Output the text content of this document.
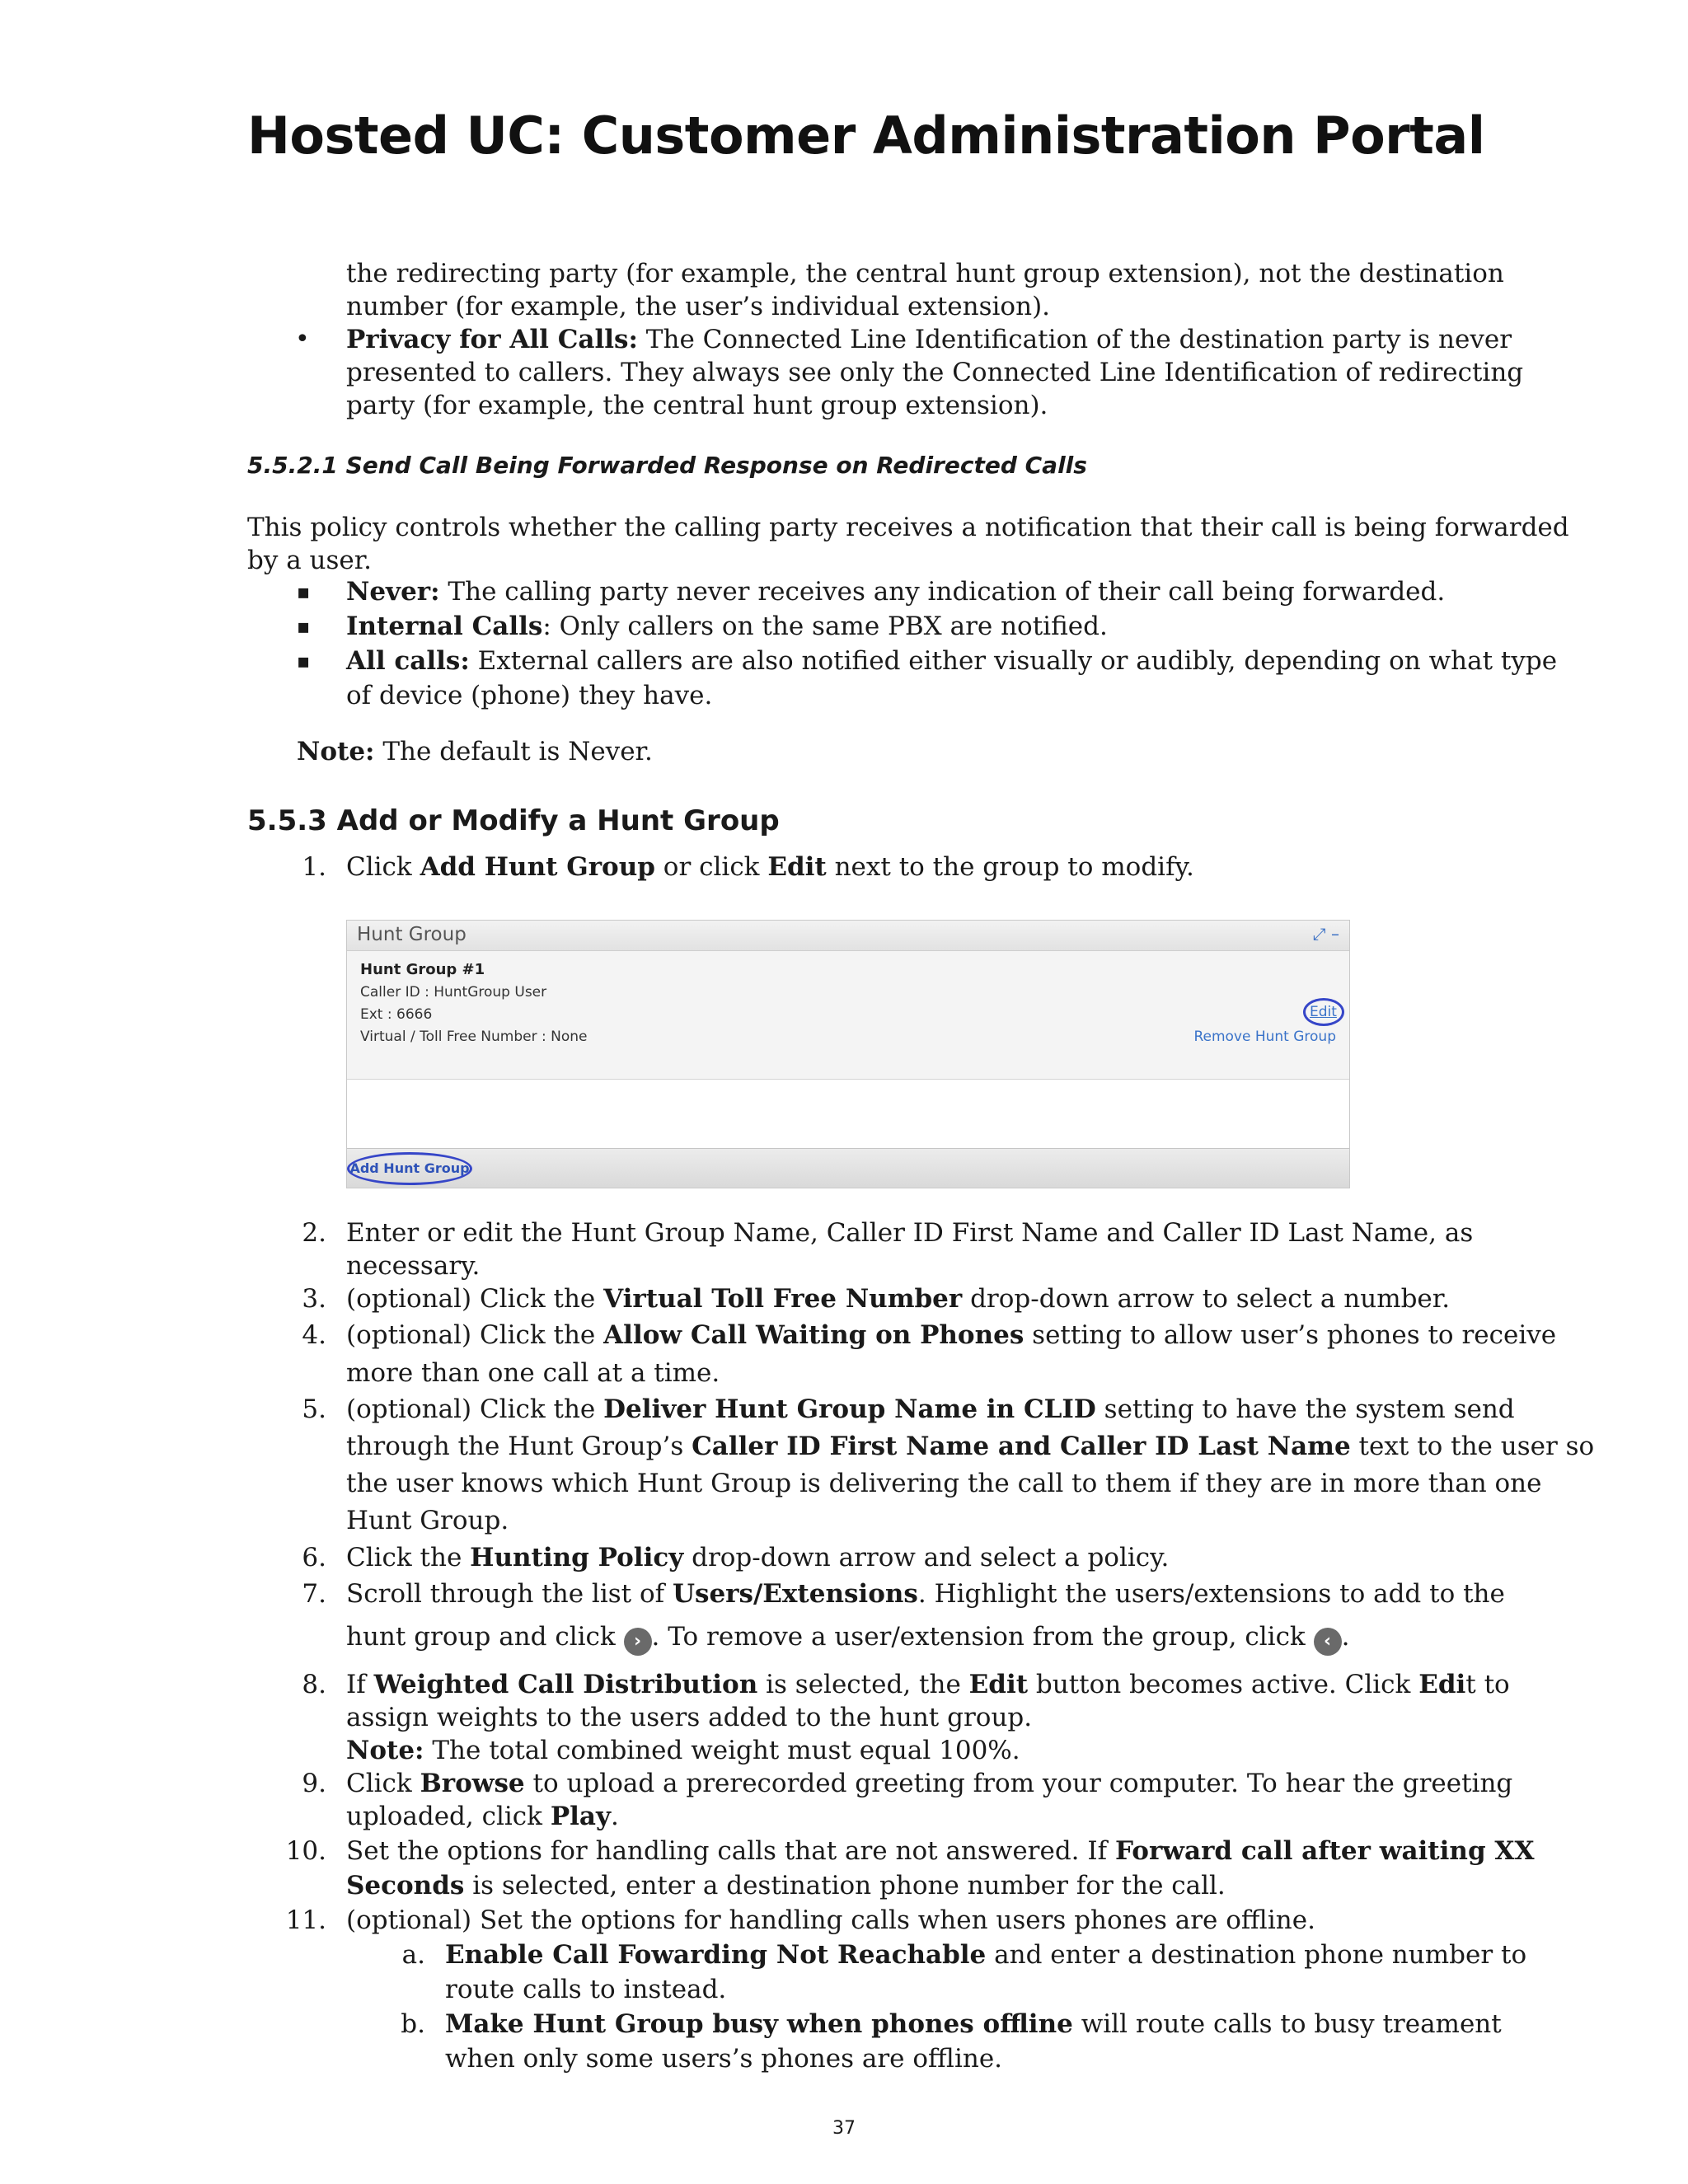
Hosted UC: Customer Administration Portal
the redirecting party (for example, the central hunt group extension), not the destination
number (for example, the user’s individual extension).
• Privacy for All Calls: The Connected Line Identification of the destination party is never
presented to callers. They always see only the Connected Line Identification of redirecting
party (for example, the central hunt group extension).
5.5.2.1 Send Call Being Forwarded Response on Redirected Calls
This policy controls whether the calling party receives a notification that their call is being forwarded
by a user.
▪ Never: The calling party never receives any indication of their call being forwarded.
▪ Internal Calls: Only callers on the same PBX are notified.
▪ All calls: External callers are also notified either visually or audibly, depending on what type
of device (phone) they have.
Note: The default is Never.
5.5.3 Add or Modify a Hunt Group
1. Click Add Hunt Group or click Edit next to the group to modify.
Hunt Group	⤢ –
Hunt Group #1
Caller ID : HuntGroup User
Ext : 6666
Virtual / Toll Free Number : None
Edit
Remove Hunt Group
Add Hunt Group
2. Enter or edit the Hunt Group Name, Caller ID First Name and Caller ID Last Name, as
necessary.
3. (optional) Click the Virtual Toll Free Number drop-down arrow to select a number.
4. (optional) Click the Allow Call Waiting on Phones setting to allow user’s phones to receive
more than one call at a time.
5. (optional) Click the Deliver Hunt Group Name in CLID setting to have the system send
through the Hunt Group’s Caller ID First Name and Caller ID Last Name text to the user so
the user knows which Hunt Group is delivering the call to them if they are in more than one
Hunt Group.
6. Click the Hunting Policy drop-down arrow and select a policy.
7. Scroll through the list of Users/Extensions. Highlight the users/extensions to add to the
hunt group and click › . To remove a user/extension from the group, click ‹ .
8. If Weighted Call Distribution is selected, the Edit button becomes active. Click Edit to
assign weights to the users added to the hunt group.
Note: The total combined weight must equal 100%.
9. Click Browse to upload a prerecorded greeting from your computer. To hear the greeting
uploaded, click Play.
10. Set the options for handling calls that are not answered. If Forward call after waiting XX
Seconds is selected, enter a destination phone number for the call.
11. (optional) Set the options for handling calls when users phones are offline.
a. Enable Call Fowarding Not Reachable and enter a destination phone number to
route calls to instead.
b. Make Hunt Group busy when phones offline will route calls to busy treament
when only some users’s phones are offline.
37
